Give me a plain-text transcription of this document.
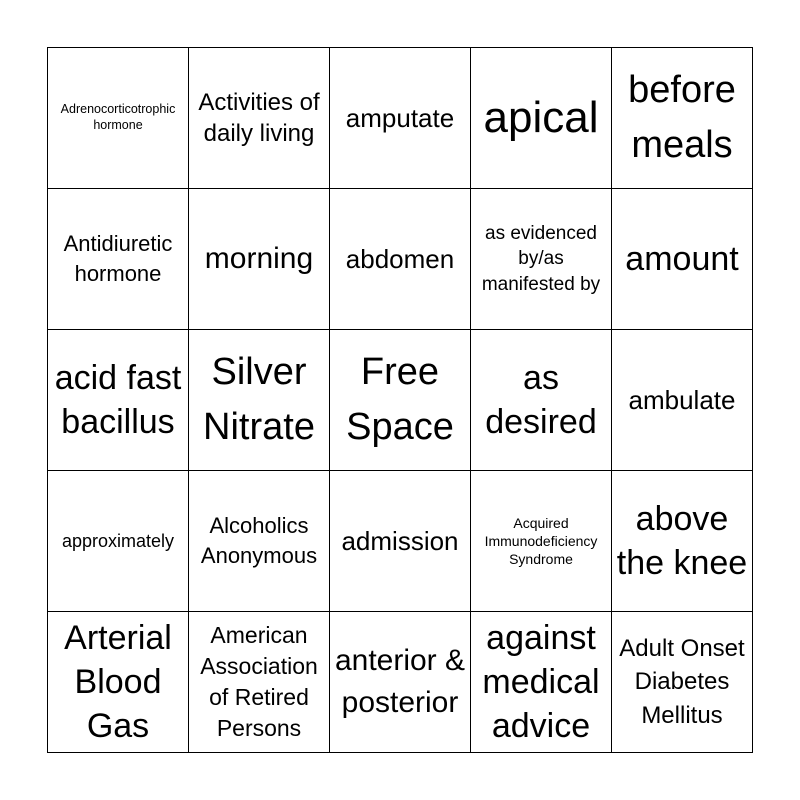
Adrenocorticotrophic hormone
Activities of daily living
amputate apical
before meals
Antidiuretic hormone	morning abdomen
as evidenced by/as manifested by
amount
acid fast bacillus
Silver Nitrate
Free Space
as desired
ambulate
approximately
Alcoholics Anonymous admission
Acquired Immunodeficiency Syndrome
above the knee
Arterial Blood Gas
American Association of Retired Persons
anterior & posterior
against medical advice
Adult Onset Diabetes Mellitus
